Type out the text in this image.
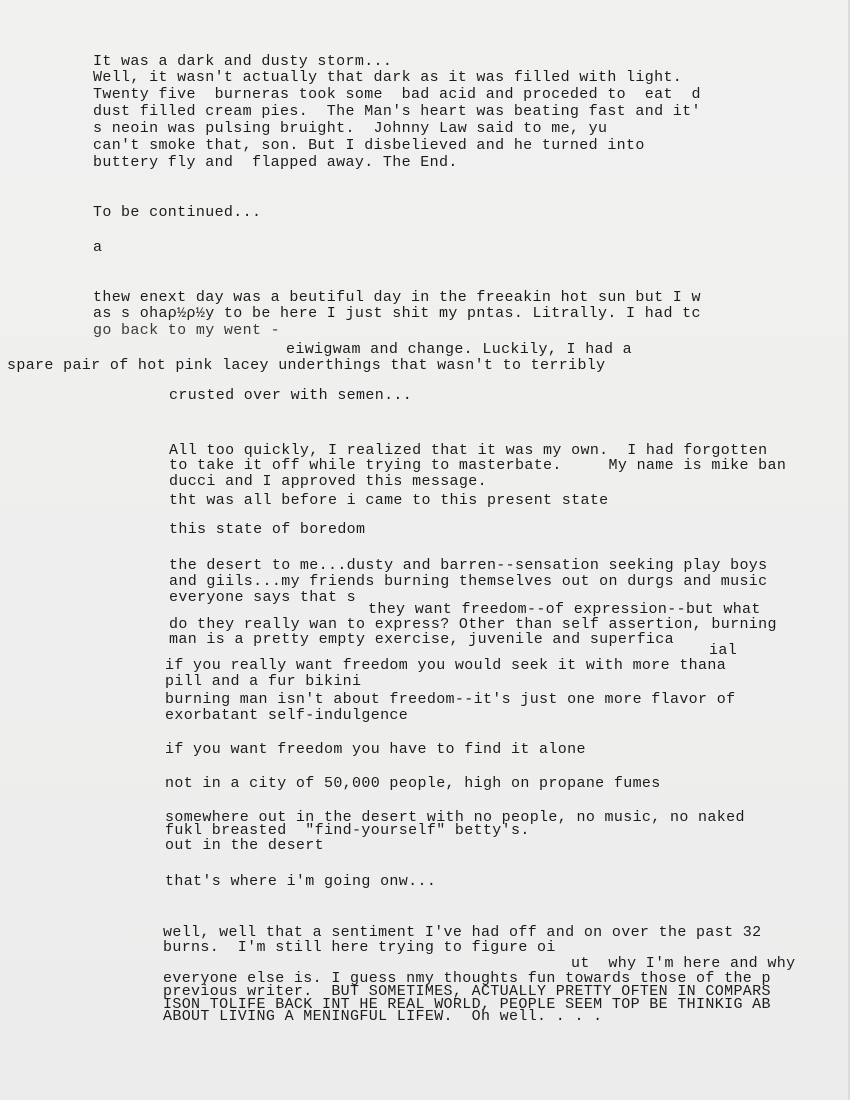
It was a dark and dusty storm...
Well, it wasn't actually that dark as it was filled with light.
Twenty five  burneras took some  bad acid and proceded to  eat  d
dust filled cream pies.  The Man's heart was beating fast and it'
s neoin was pulsing bruight.  Johnny Law said to me, yu
can't smoke that, son. But I disbelieved and he turned into
buttery fly and  flapped away. The End.
To be continued...
a
thew enext day was a beutiful day in the freeakin hot sun but I w
as s ohaρ½ρ½y to be here I just shit my pntas. Litrally. I had tc
go back to my went -
eiwigwam and change. Luckily, I had a
spare pair of hot pink lacey underthings that wasn't to terribly
crusted over with semen...
All too quickly, I realized that it was my own.  I had forgotten
to take it off while trying to masterbate.     My name is mike ban
ducci and I approved this message.
tht was all before i came to this present state
this state of boredom
the desert to me...dusty and barren--sensation seeking play boys
and giils...my friends burning themselves out on durgs and music
everyone says that s
they want freedom--of expression--but what
do they really wan to express? Other than self assertion, burning
man is a pretty empty exercise, juvenile and superfica
ial
if you really want freedom you would seek it with more thana
pill and a fur bikini
burning man isn't about freedom--it's just one more flavor of
exorbatant self-indulgence
if you want freedom you have to find it alone
not in a city of 50,000 people, high on propane fumes
somewhere out in the desert with no people, no music, no naked
fukl breasted  "find-yourself" betty's.
out in the desert
that's where i'm going onw...
well, well that a sentiment I've had off and on over the past 32
burns.  I'm still here trying to figure oi
ut  why I'm here and why
everyone else is. I guess nmy thoughts fun towards those of the p
previous writer.  BUT SOMETIMES, ACTUALLY PRETTY OFTEN IN COMPARS
ISON TOLIFE BACK INT HE REAL WORLD, PEOPLE SEEM TOP BE THINKIG AB
ABOUT LIVING A MENINGFUL LIFEW.  Oh well. . . .
